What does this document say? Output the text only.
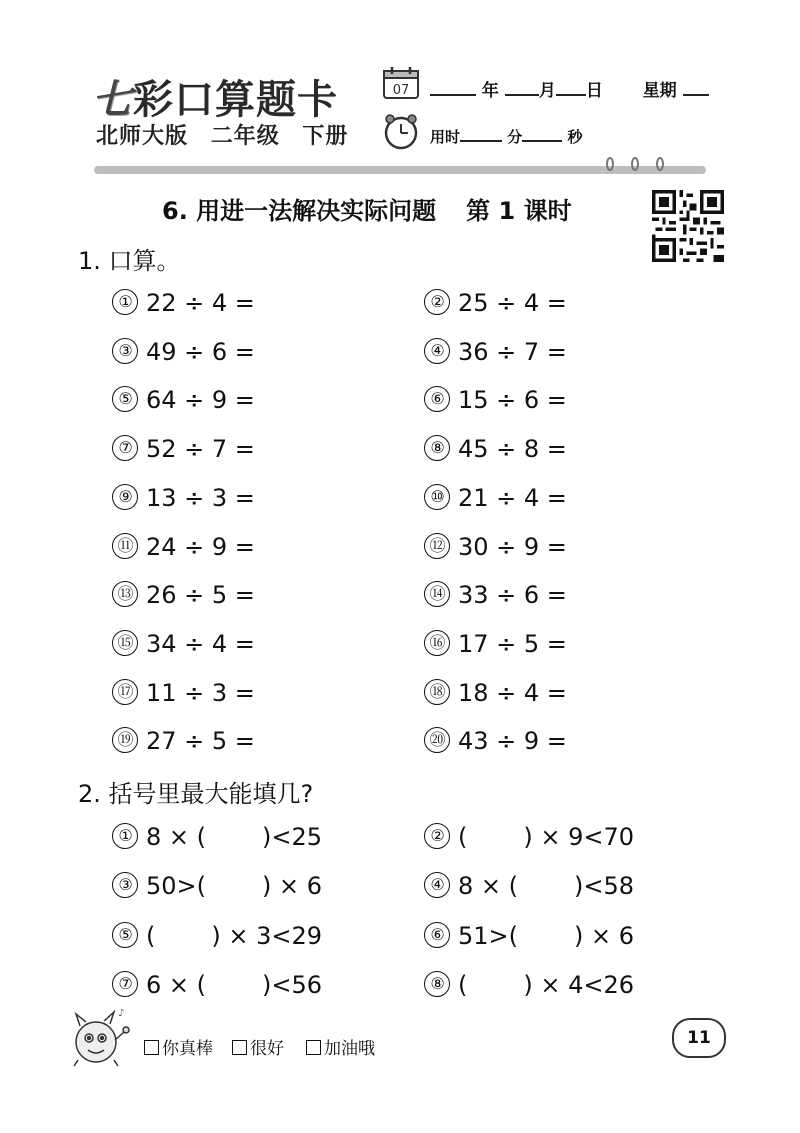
七彩口算题卡
北师大版 二年级 下册
07	年 月 日 星期
用时	分	秒
6. 用进一法解决实际问题 第 1 课时
1. 口算。
① 22 ÷ 4 =	② 25 ÷ 4 =
③ 49 ÷ 6 =	④ 36 ÷ 7 =
⑤ 64 ÷ 9 =	⑥ 15 ÷ 6 =
⑦ 52 ÷ 7 =	⑧ 45 ÷ 8 =
⑨ 13 ÷ 3 =	⑩ 21 ÷ 4 =
⑪ 24 ÷ 9 =	⑫ 30 ÷ 9 =
⑬ 26 ÷ 5 =	⑭ 33 ÷ 6 =
⑮ 34 ÷ 4 =	⑯ 17 ÷ 5 =
⑰ 11 ÷ 3 =	⑱ 18 ÷ 4 =
⑲ 27 ÷ 5 =	⑳ 43 ÷ 9 =
2. 括号里最大能填几?
① 8 × ( )<25	② ( ) × 9<70
③ 50>( ) × 6	④ 8 × ( )<58
⑤ ( ) × 3<29	⑥ 51>( ) × 6
⑦ 6 × ( )<56	⑧ ( ) × 4<26
♪
你真棒	很好	加油哦
11
